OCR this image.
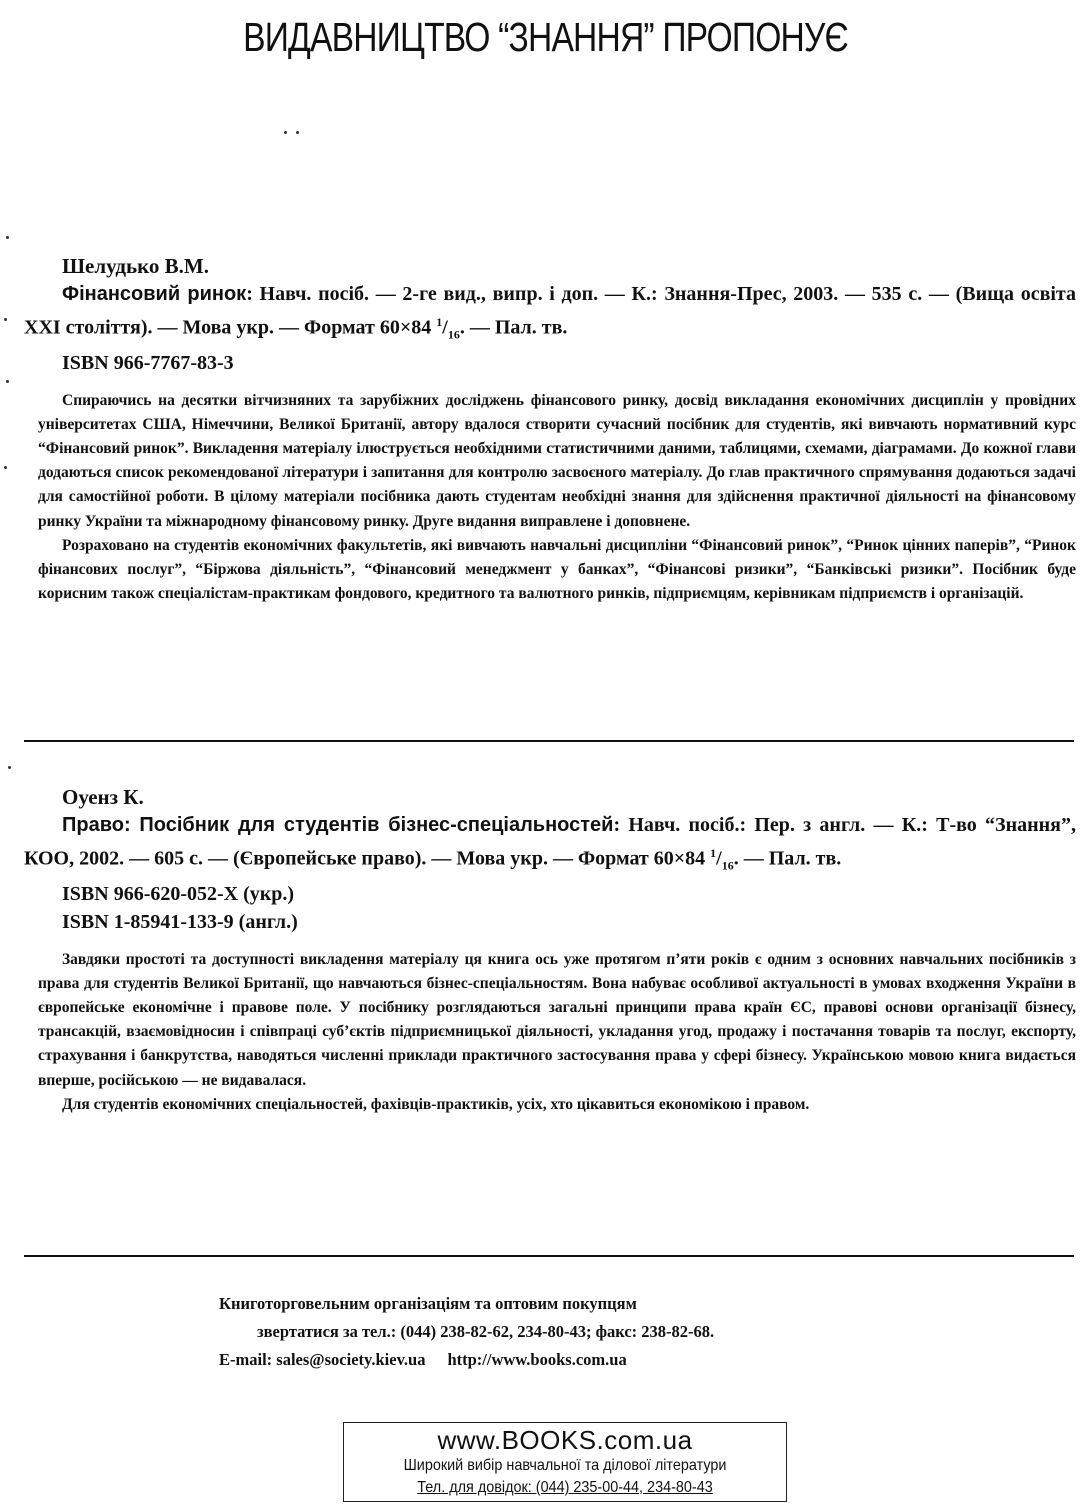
ВИДАВНИЦТВО “ЗНАННЯ” ПРОПОНУЄ
Шелудько В.М.

Фінансовий ринок: Навч. посіб. — 2-ге вид., випр. і доп. — К.: Знання-Прес, 2003. — 535 с. — (Вища освіта XXI століття). — Мова укр. — Формат 60×84 $^1/_{16}$. — Пал. тв.

ISBN 966-7767-83-3

Спираючись на десятки вітчизняних та зарубіжних досліджень фінансового ринку, досвід викладання економічних дисциплін у провідних університетах США, Німеччини, Великої Британії, автору вдалося створити сучасний посібник для студентів, які вивчають нормативний курс “Фінансовий ринок”. Викладення матеріалу ілюструється необхідними статистичними даними, таблицями, схемами, діаграмами. До кожної глави додаються список рекомендованої літератури і запитання для контролю засвоєного матеріалу. До глав практичного спрямування додаються задачі для самостійної роботи. В цілому матеріали посібника дають студентам необхідні знання для здійснення практичної діяльності на фінансовому ринку України та міжнародному фінансовому ринку. Друге видання виправлене і доповнене.

Розраховано на студентів економічних факультетів, які вивчають навчальні дисципліни “Фінансовий ринок”, “Ринок цінних паперів”, “Ринок фінансових послуг”, “Біржова діяльність”, “Фінансовий менеджмент у банках”, “Фінансові ризики”, “Банківські ризики”. Посібник буде корисним також спеціалістам-практикам фондового, кредитного та валютного ринків, підприємцям, керівникам підприємств і організацій.

Оуенз К.

Право: Посібник для студентів бізнес-спеціальностей: Навч. посіб.: Пер. з англ. — К.: Т-во “Знання”, КОО, 2002. — 605 с. — (Європейське право). — Мова укр. — Формат 60×84 $^1/_{16}$. — Пал. тв.

ISBN 966-620-052-X (укр.)
ISBN 1-85941-133-9 (англ.)

Завдяки простоті та доступності викладення матеріалу ця книга ось уже протягом п’яти років є одним з основних навчальних посібників з права для студентів Великої Британії, що навчаються бізнес-спеціальностям. Вона набуває особливої актуальності в умовах входження України в європейське економічне і правове поле. У посібнику розглядаються загальні принципи права країн ЄС, правові основи організації бізнесу, трансакцій, взаємовідносин і співпраці суб’єктів підприємницької діяльності, укладання угод, продажу і постачання товарів та послуг, експорту, страхування і банкрутства, наводяться численні приклади практичного застосування права у сфері бізнесу. Українською мовою книга видається вперше, російською — не видавалася.

Для студентів економічних спеціальностей, фахівців-практиків, усіх, хто цікавиться економікою і правом.

Книготорговельним організаціям та оптовим покупцям
звертатися за тел.: (044) 238-82-62, 234-80-43; факс: 238-82-68.
E-mail: sales@society.kiev.ua http://www.books.com.ua
www.BOOKS.com.ua
Широкий вибір навчальної та ділової літератури
Тел. для довідок: (044) 235-00-44, 234-80-43
